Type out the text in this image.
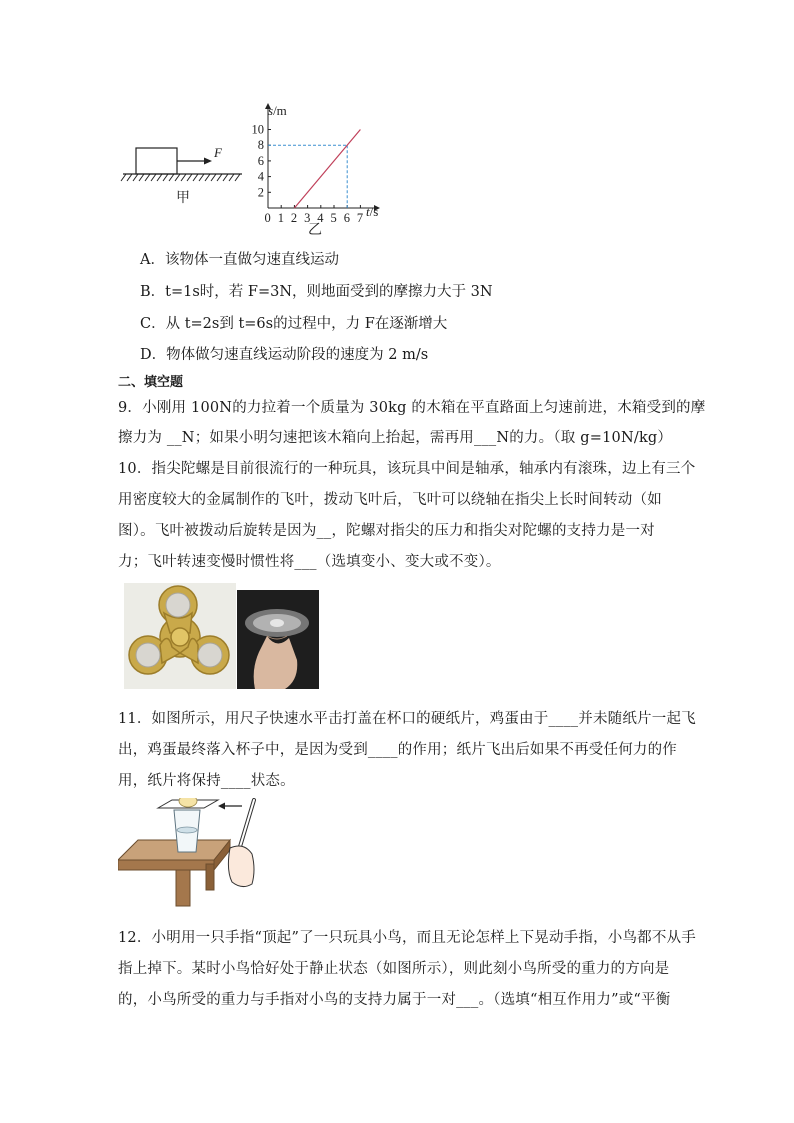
F
甲
0 1 2 3 4 5 6 7
2
4
6
8
10
s/m
t/s
乙
A．该物体一直做匀速直线运动
B．t=1s时，若 F=3N，则地面受到的摩擦力大于 3N
C．从 t=2s到 t=6s的过程中，力 F在逐渐增大
D．物体做匀速直线运动阶段的速度为 2 m/s
二、填空题
9．小刚用 100N的力拉着一个质量为 30kg 的木箱在平直路面上匀速前进，木箱受到的摩
擦力为 __N；如果小明匀速把该木箱向上抬起，需再用___N的力。（取 g=10N/kg）
10．指尖陀螺是目前很流行的一种玩具，该玩具中间是轴承，轴承内有滚珠，边上有三个
用密度较大的金属制作的飞叶，拨动飞叶后，飞叶可以绕轴在指尖上长时间转动（如
图）。飞叶被拨动后旋转是因为__，陀螺对指尖的压力和指尖对陀螺的支持力是一对
力；飞叶转速变慢时惯性将___（选填变小、变大或不变）。
11．如图所示，用尺子快速水平击打盖在杯口的硬纸片，鸡蛋由于____并未随纸片一起飞
出，鸡蛋最终落入杯子中，是因为受到____的作用；纸片飞出后如果不再受任何力的作
用，纸片将保持____状态。
12．小明用一只手指“顶起”了一只玩具小鸟，而且无论怎样上下晃动手指，小鸟都不从手
指上掉下。某时小鸟恰好处于静止状态（如图所示），则此刻小鸟所受的重力的方向是
的，小鸟所受的重力与手指对小鸟的支持力属于一对___。（选填“相互作用力”或“平衡
